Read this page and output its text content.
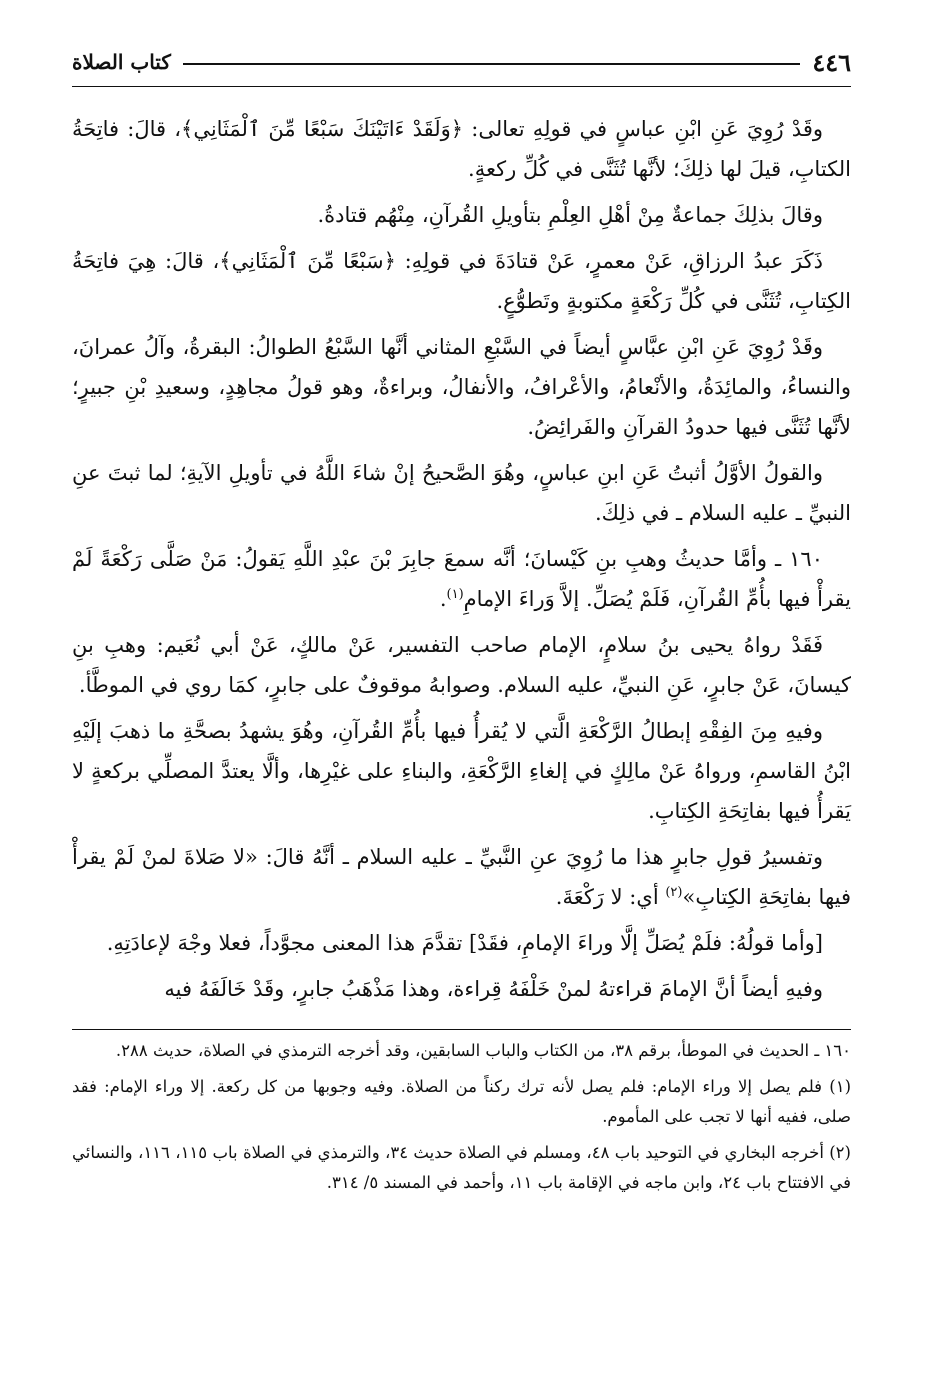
٤٤٦
كتاب الصلاة

وقَدْ رُوِيَ عَنِ ابْنِ عباسٍ في قولِهِ تعالى: ﴿وَلَقَدْ ءَاتَيْنَكَ سَبْعًا مِّنَ ٱلْمَثَانِي﴾، قالَ: فاتِحَةُ الكتابِ، قيلَ لها ذلِكَ؛ لأنَّها تُثَنَّى في كُلِّ ركعةٍ.

وقالَ بذلِكَ جماعةٌ مِنْ أهْلِ العِلْمِ بتأويلِ القُرآنِ، مِنْهُم قتادةُ.

ذَكَرَ عبدُ الرزاقِ، عَنْ معمرٍ، عَنْ قتادَةَ في قولِهِ: ﴿سَبْعًا مِّنَ ٱلْمَثَانِي﴾، قالَ: هِيَ فاتِحَةُ الكِتابِ، تُثَنَّى في كُلِّ رَكْعَةٍ مكتوبةٍ وتَطوُّعٍ.

وقَدْ رُوِيَ عَنِ ابْنِ عبَّاسٍ أيضاً في السَّبْعِ المثاني أنَّها السَّبْعُ الطوالُ: البقرةُ، وآلُ عمرانَ، والنساءُ، والمائِدَةُ، والأنْعامُ، والأعْرافُ، والأنفالُ، وبراءةٌ، وهو قولُ مجاهِدٍ، وسعيدِ بْنِ جبيرٍ؛ لأنَّها تُثَنَّى فيها حدودُ القرآنِ والفَرائِضُ.

والقولُ الأوَّلُ أثبتُ عَنِ ابنِ عباسٍ، وهُوَ الصَّحيحُ إنْ شاءَ اللَّهُ في تأويلِ الآيةِ؛ لما ثبتَ عنِ النبيِّ ـ عليه السلام ـ في ذلِكَ.

١٦٠ ـ وأمَّا حديثُ وهبِ بنِ كَيْسانَ؛ أنَّه سمعَ جابِرَ بْنَ عبْدِ اللَّهِ يَقولُ: مَنْ صَلَّى رَكْعَةً لَمْ يقرأْ فيها بأُمِّ القُرآنِ، فَلَمْ يُصَلِّ. إلاَّ وَراءَ الإمامِ$^{(١)}$.

فَقَدْ رواهُ يحيى بنُ سلامٍ، الإمام صاحب التفسير، عَنْ مالكٍ، عَنْ أبي نُعَيم: وهبِ بنِ كيسانَ، عَنْ جابرٍ، عَنِ النبيِّ، عليه السلام. وصوابهُ موقوفٌ على جابرٍ، كمَا روي في الموطَّأ.

وفيهِ مِنَ الفِقْهِ إبطالُ الرَّكْعَةِ الَّتي لا يُقرأُ فيها بأُمِّ القُرآنِ، وهُوَ يشهدُ بصحَّةِ ما ذهبَ إلَيْهِ ابْنُ القاسمِ، ورواهُ عَنْ مالِكٍ في إلغاءِ الرَّكْعَةِ، والبناءِ على غيْرِها، وألَّا يعتدَّ المصلِّي بركعةٍ لا يَقرأُ فيها بفاتِحَةِ الكِتابِ.

وتفسيرُ قولِ جابرٍ هذا ما رُوِيَ عنِ النَّبيِّ ـ عليه السلام ـ أنَّهُ قالَ: «لا صَلاةَ لمنْ لَمْ يقرأْ فيها بفاتِحَةِ الكِتابِ»$^{(٢)}$ أي: لا رَكْعَةَ.

[وأما قولُهُ: فلَمْ يُصَلِّ إلَّا وراءَ الإمامِ، فقَدْ] تقدَّمَ هذا المعنى مجوَّداً، فعلا وجْهَ لإعادَتِهِ.

وفيهِ أيضاً أنَّ الإمامَ قراءتهُ لمنْ خَلْفَهُ قِراءة، وهذا مَذْهَبُ جابرٍ، وقَدْ خَالَفَهُ فيه

١٦٠ ـ الحديث في الموطأ، برقم ٣٨، من الكتاب والباب السابقين، وقد أخرجه الترمذي في الصلاة، حديث ٢٨٨.

(١) فلم يصل إلا وراء الإمام: فلم يصل لأنه ترك ركناً من الصلاة. وفيه وجوبها من كل ركعة. إلا وراء الإمام: فقد صلى، ففيه أنها لا تجب على المأموم.

(٢) أخرجه البخاري في التوحيد باب ٤٨، ومسلم في الصلاة حديث ٣٤، والترمذي في الصلاة باب ١١٥، ١١٦، والنسائي في الافتتاح باب ٢٤، وابن ماجه في الإقامة باب ١١، وأحمد في المسند ٥/ ٣١٤.
